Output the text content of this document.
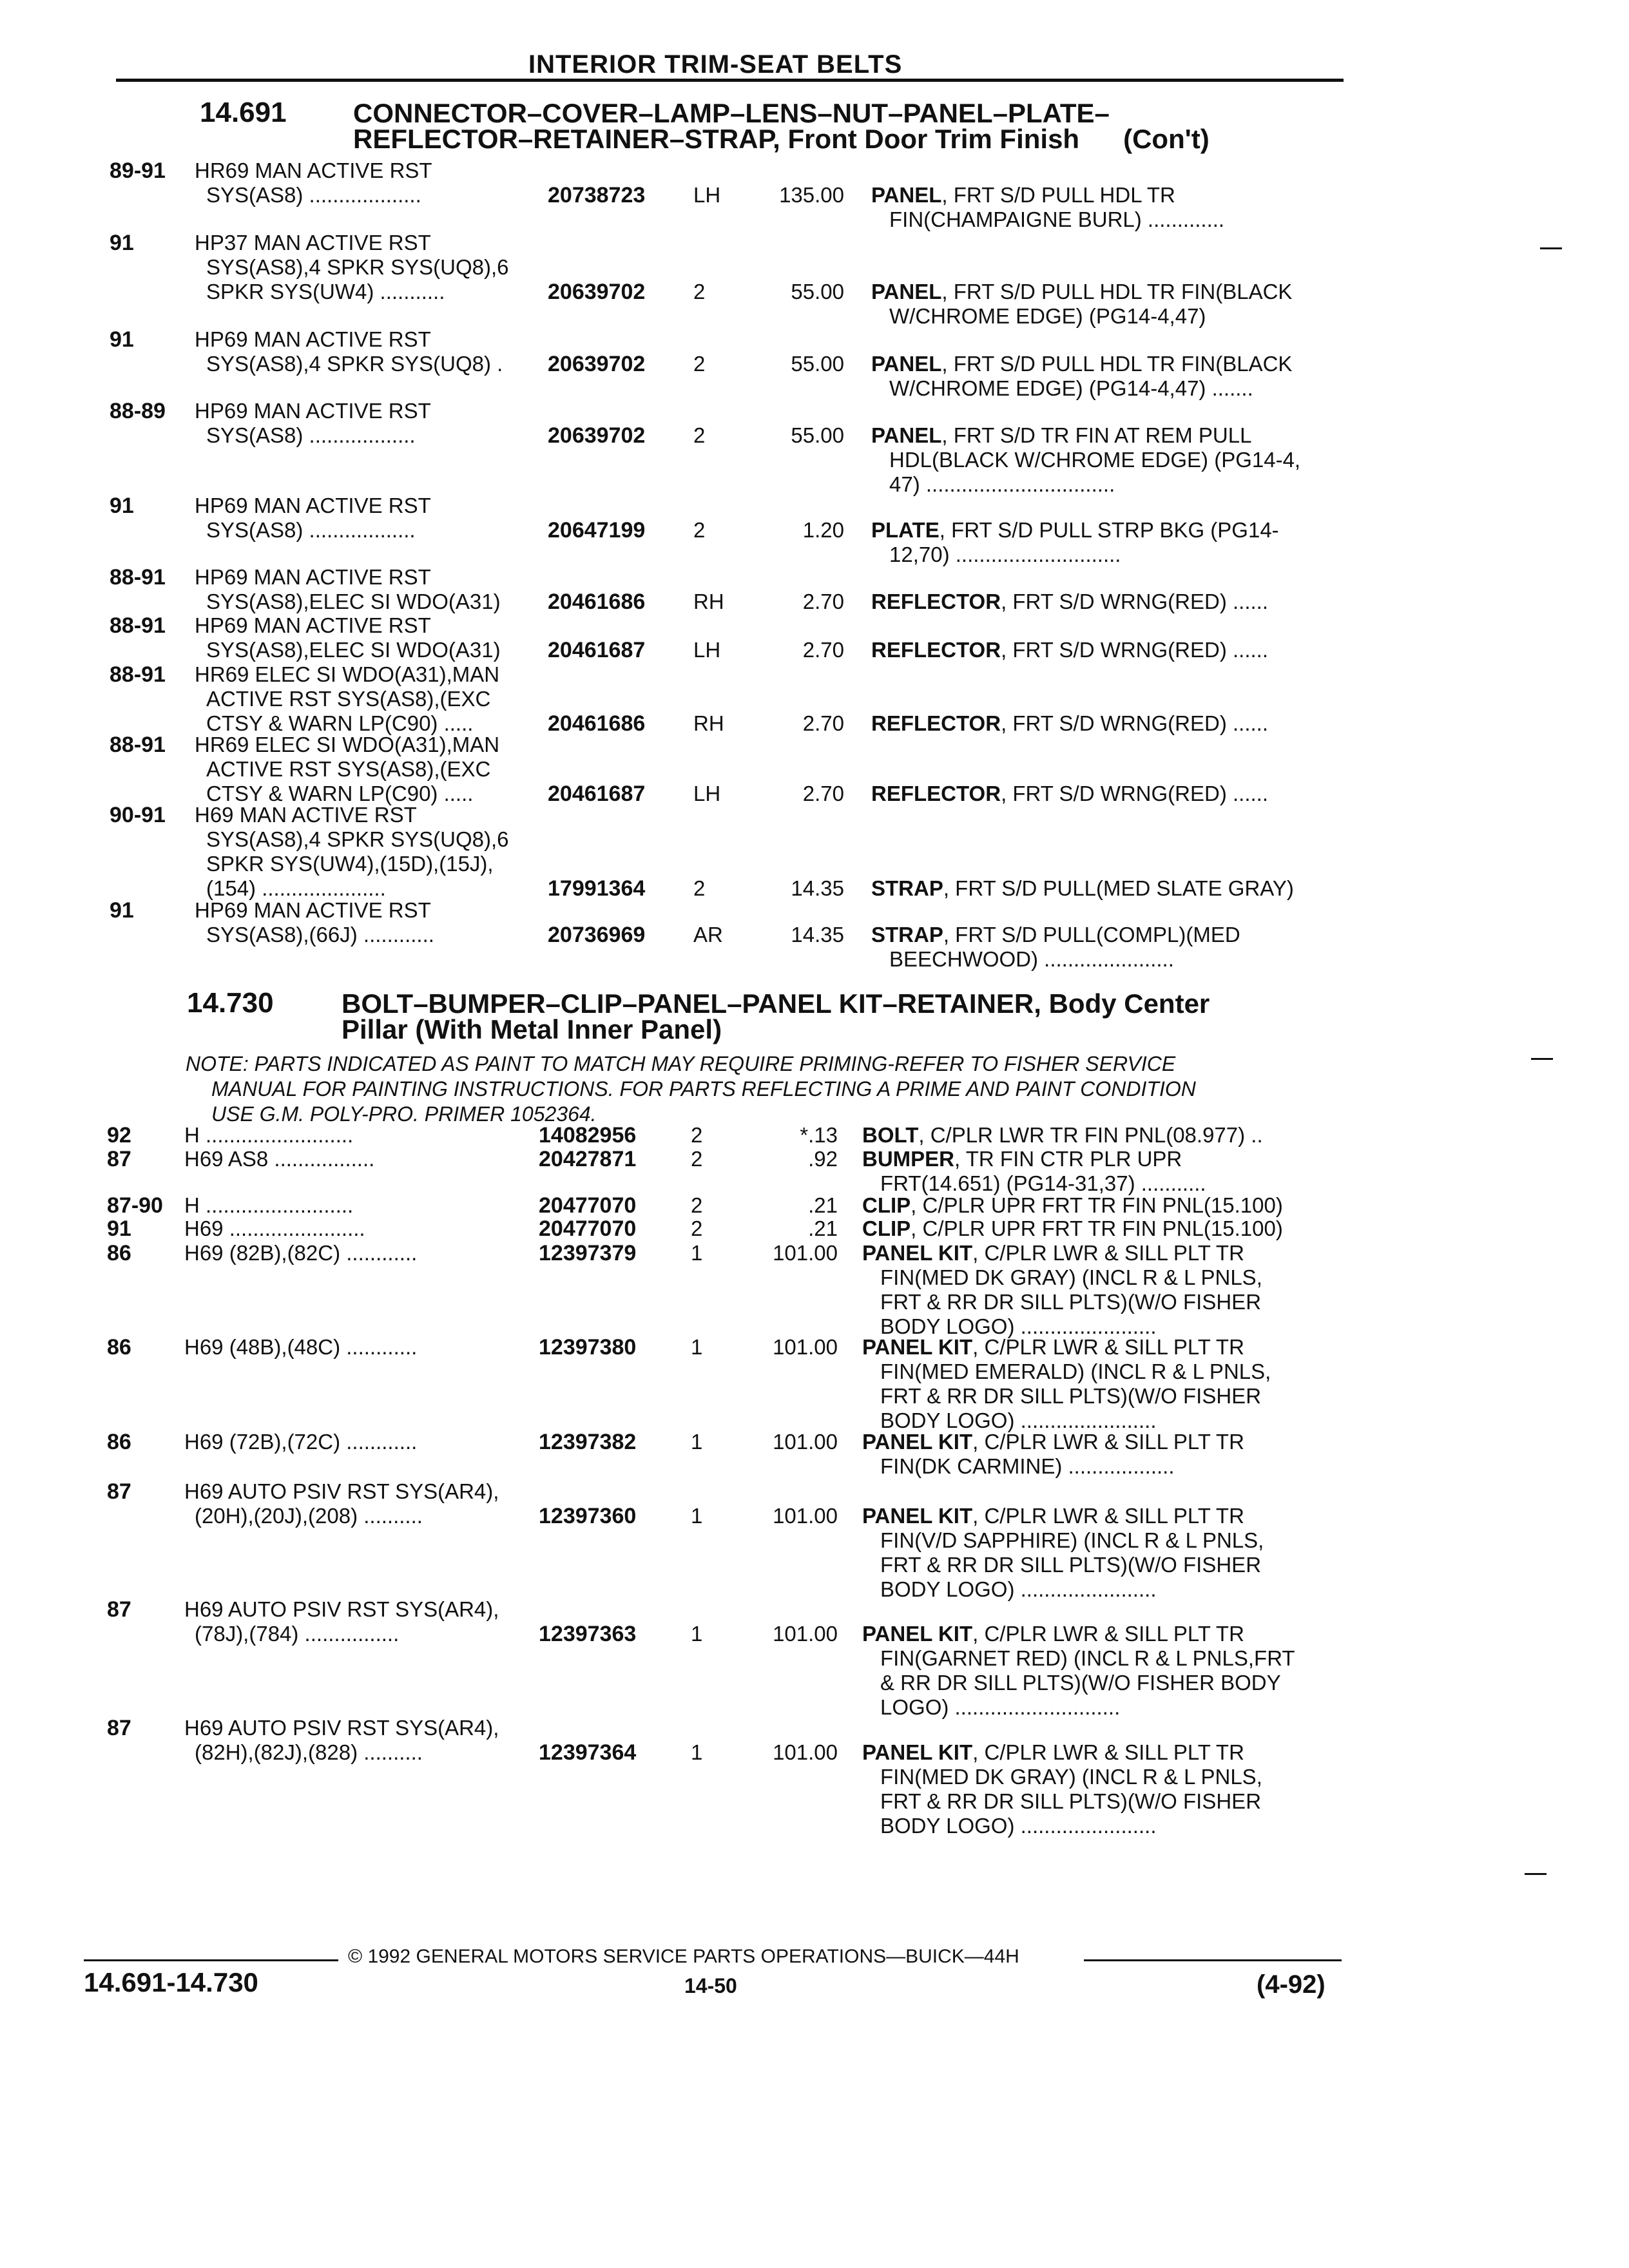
INTERIOR TRIM-SEAT BELTS
14.691 CONNECTOR–COVER–LAMP–LENS–NUT–PANEL–PLATE–
REFLECTOR–RETAINER–STRAP, Front Door Trim Finish (Con't)
89-91 HR69 MAN ACTIVE RST
SYS(AS8) ...................	20738723 LH	135.00 PANEL, FRT S/D PULL HDL TR
FIN(CHAMPAIGNE BURL) .............
91	HP37 MAN ACTIVE RST
SYS(AS8),4 SPKR SYS(UQ8),6
SPKR SYS(UW4) ...........	20639702 2	55.00 PANEL, FRT S/D PULL HDL TR FIN(BLACK
W/CHROME EDGE) (PG14-4,47)
91	HP69 MAN ACTIVE RST
SYS(AS8),4 SPKR SYS(UQ8) . 20639702 2	55.00 PANEL, FRT S/D PULL HDL TR FIN(BLACK
W/CHROME EDGE) (PG14-4,47) .......
88-89 HP69 MAN ACTIVE RST
SYS(AS8) ..................	20639702 2	55.00 PANEL, FRT S/D TR FIN AT REM PULL
HDL(BLACK W/CHROME EDGE) (PG14-4,
47) ................................
91	HP69 MAN ACTIVE RST
SYS(AS8) ..................	20647199 2	1.20 PLATE, FRT S/D PULL STRP BKG (PG14-
12,70) ............................
88-91 HP69 MAN ACTIVE RST
SYS(AS8),ELEC SI WDO(A31) 20461686 RH	2.70 REFLECTOR, FRT S/D WRNG(RED) ......
88-91 HP69 MAN ACTIVE RST
SYS(AS8),ELEC SI WDO(A31) 20461687 LH	2.70 REFLECTOR, FRT S/D WRNG(RED) ......
88-91 HR69 ELEC SI WDO(A31),MAN
ACTIVE RST SYS(AS8),(EXC
CTSY & WARN LP(C90) .....	20461686 RH	2.70 REFLECTOR, FRT S/D WRNG(RED) ......
88-91 HR69 ELEC SI WDO(A31),MAN
ACTIVE RST SYS(AS8),(EXC
CTSY & WARN LP(C90) .....	20461687 LH	2.70 REFLECTOR, FRT S/D WRNG(RED) ......
90-91 H69 MAN ACTIVE RST
SYS(AS8),4 SPKR SYS(UQ8),6
SPKR SYS(UW4),(15D),(15J),
(154) .....................	17991364 2	14.35 STRAP, FRT S/D PULL(MED SLATE GRAY)
91	HP69 MAN ACTIVE RST
SYS(AS8),(66J) ............	20736969 AR	14.35 STRAP, FRT S/D PULL(COMPL)(MED
BEECHWOOD) ......................
14.730	BOLT–BUMPER–CLIP–PANEL–PANEL KIT–RETAINER, Body Center
Pillar (With Metal Inner Panel)
NOTE: PARTS INDICATED AS PAINT TO MATCH MAY REQUIRE PRIMING-REFER TO FISHER SERVICE
MANUAL FOR PAINTING INSTRUCTIONS. FOR PARTS REFLECTING A PRIME AND PAINT CONDITION
USE G.M. POLY-PRO. PRIMER 1052364.
92 H .........................	14082956	2	*.13 BOLT, C/PLR LWR TR FIN PNL(08.977) ..
87 H69 AS8 .................	20427871	2	.92 BUMPER, TR FIN CTR PLR UPR
FRT(14.651) (PG14-31,37) ...........
87-90 H .........................	20477070	2	.21 CLIP, C/PLR UPR FRT TR FIN PNL(15.100)
91 H69 .......................	20477070	2	.21 CLIP, C/PLR UPR FRT TR FIN PNL(15.100)
86 H69 (82B),(82C) ............	12397379	1	101.00 PANEL KIT, C/PLR LWR & SILL PLT TR
FIN(MED DK GRAY) (INCL R & L PNLS,
FRT & RR DR SILL PLTS)(W/O FISHER
BODY LOGO) .......................
86 H69 (48B),(48C) ............	12397380	1	101.00 PANEL KIT, C/PLR LWR & SILL PLT TR
FIN(MED EMERALD) (INCL R & L PNLS,
FRT & RR DR SILL PLTS)(W/O FISHER
BODY LOGO) .......................
86 H69 (72B),(72C) ............	12397382	1	101.00 PANEL KIT, C/PLR LWR & SILL PLT TR
FIN(DK CARMINE) ..................
87 H69 AUTO PSIV RST SYS(AR4),
(20H),(20J),(208) ..........	12397360	1	101.00 PANEL KIT, C/PLR LWR & SILL PLT TR
FIN(V/D SAPPHIRE) (INCL R & L PNLS,
FRT & RR DR SILL PLTS)(W/O FISHER
BODY LOGO) .......................
87 H69 AUTO PSIV RST SYS(AR4),
(78J),(784) ................	12397363	1	101.00 PANEL KIT, C/PLR LWR & SILL PLT TR
FIN(GARNET RED) (INCL R & L PNLS,FRT
& RR DR SILL PLTS)(W/O FISHER BODY
LOGO) ............................
87 H69 AUTO PSIV RST SYS(AR4),
(82H),(82J),(828) ..........	12397364	1	101.00 PANEL KIT, C/PLR LWR & SILL PLT TR
FIN(MED DK GRAY) (INCL R & L PNLS,
FRT & RR DR SILL PLTS)(W/O FISHER
BODY LOGO) .......................
© 1992 GENERAL MOTORS SERVICE PARTS OPERATIONS—BUICK—44H
14.691-14.730	14-50	(4-92)
